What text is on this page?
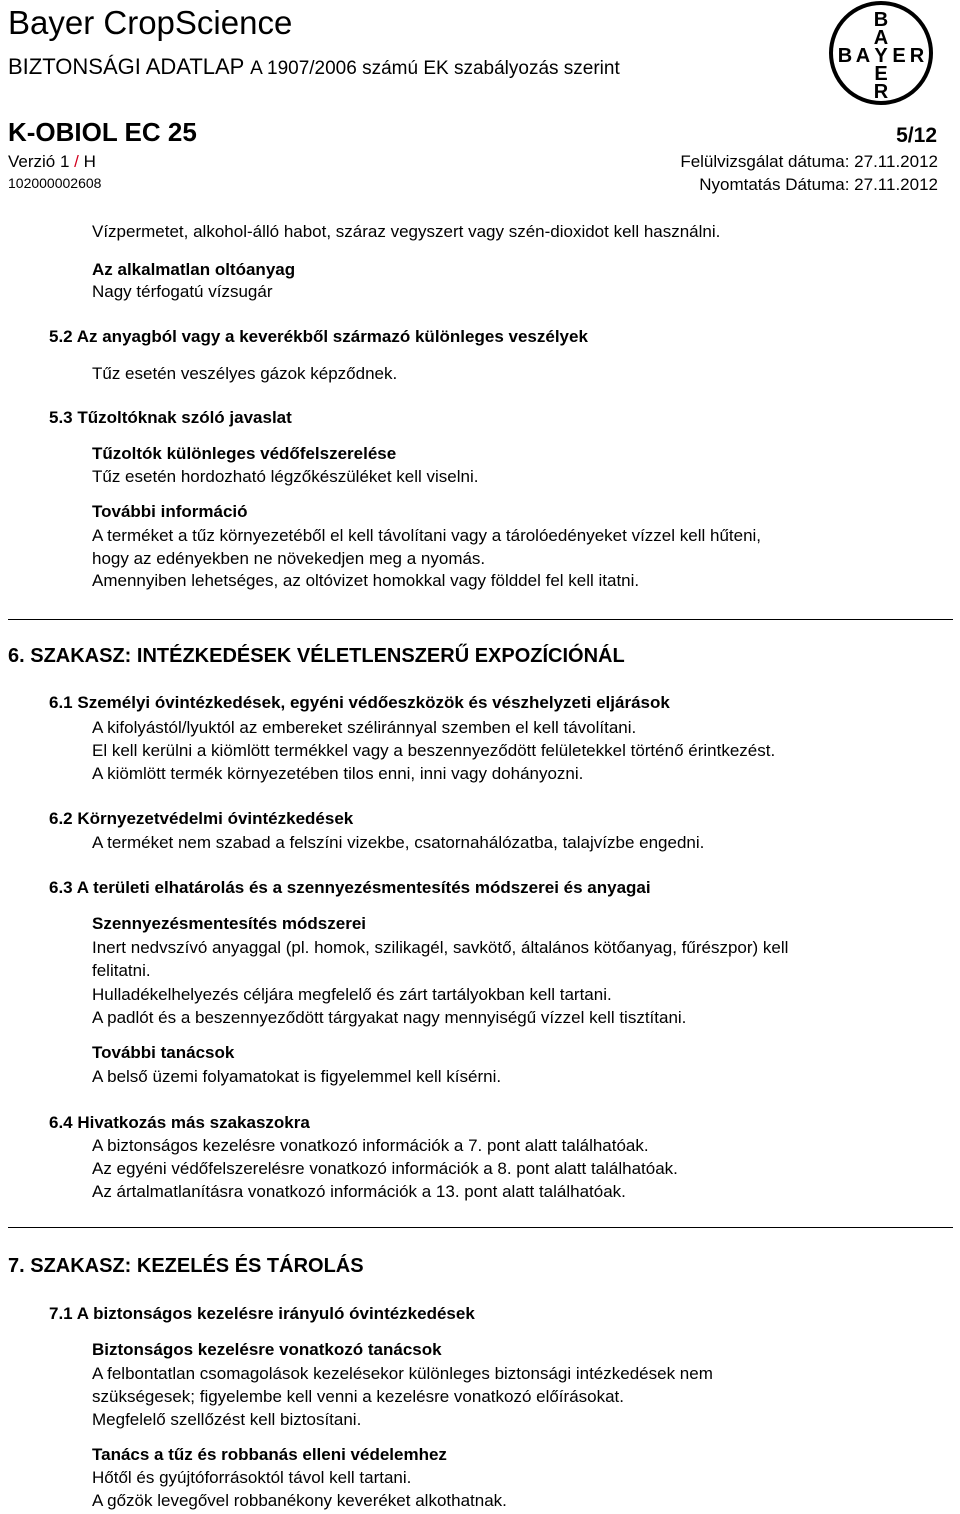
Bayer CropScience
BIZTONSÁGI ADATLAP A 1907/2006 számú EK szabályozás szerint
B
A
B A Y E R
E
R
K-OBIOL EC 25	5/12
Verzió 1 / H	Felülvizsgálat dátuma: 27.11.2012
102000002608	Nyomtatás Dátuma: 27.11.2012
Vízpermetet, alkohol-álló habot, száraz vegyszert vagy szén-dioxidot kell használni.
Az alkalmatlan oltóanyag
Nagy térfogatú vízsugár
5.2 Az anyagból vagy a keverékből származó különleges veszélyek
Tűz esetén veszélyes gázok képződnek.
5.3 Tűzoltóknak szóló javaslat
Tűzoltók különleges védőfelszerelése
Tűz esetén hordozható légzőkészüléket kell viselni.
További információ
A terméket a tűz környezetéből el kell távolítani vagy a tárolóedényeket vízzel kell hűteni,
hogy az edényekben ne növekedjen meg a nyomás.
Amennyiben lehetséges, az oltóvizet homokkal vagy földdel fel kell itatni.
6. SZAKASZ: INTÉZKEDÉSEK VÉLETLENSZERŰ EXPOZÍCIÓNÁL
6.1 Személyi óvintézkedések, egyéni védőeszközök és vészhelyzeti eljárások
A kifolyástól/lyuktól az embereket széliránnyal szemben el kell távolítani.
El kell kerülni a kiömlött termékkel vagy a beszennyeződött felületekkel történő érintkezést.
A kiömlött termék környezetében tilos enni, inni vagy dohányozni.
6.2 Környezetvédelmi óvintézkedések
A terméket nem szabad a felszíni vizekbe, csatornahálózatba, talajvízbe engedni.
6.3 A területi elhatárolás és a szennyezésmentesítés módszerei és anyagai
Szennyezésmentesítés módszerei
Inert nedvszívó anyaggal (pl. homok, szilikagél, savkötő, általános kötőanyag, fűrészpor) kell
felitatni.
Hulladékelhelyezés céljára megfelelő és zárt tartályokban kell tartani.
A padlót és a beszennyeződött tárgyakat nagy mennyiségű vízzel kell tisztítani.
További tanácsok
A belső üzemi folyamatokat is figyelemmel kell kísérni.
6.4 Hivatkozás más szakaszokra
A biztonságos kezelésre vonatkozó információk a 7. pont alatt találhatóak.
Az egyéni védőfelszerelésre vonatkozó információk a 8. pont alatt találhatóak.
Az ártalmatlanításra vonatkozó információk a 13. pont alatt találhatóak.
7. SZAKASZ: KEZELÉS ÉS TÁROLÁS
7.1 A biztonságos kezelésre irányuló óvintézkedések
Biztonságos kezelésre vonatkozó tanácsok
A felbontatlan csomagolások kezelésekor különleges biztonsági intézkedések nem
szükségesek; figyelembe kell venni a kezelésre vonatkozó előírásokat.
Megfelelő szellőzést kell biztosítani.
Tanács a tűz és robbanás elleni védelemhez
Hőtől és gyújtóforrásoktól távol kell tartani.
A gőzök levegővel robbanékony keveréket alkothatnak.
